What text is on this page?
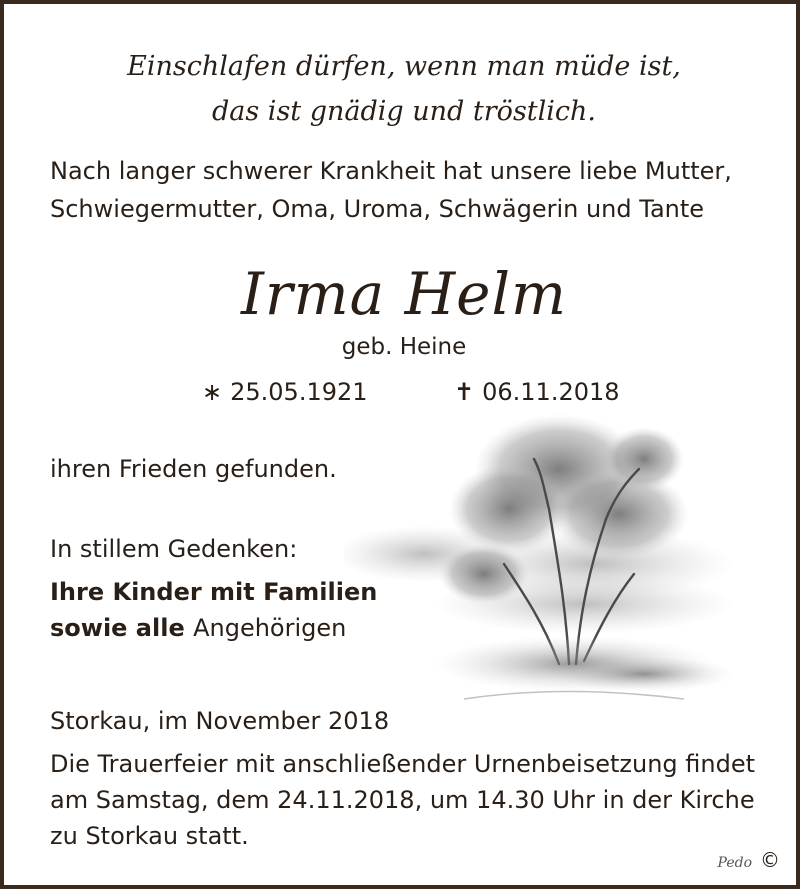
Einschlafen dürfen, wenn man müde ist,
das ist gnädig und tröstlich.
Nach langer schwerer Krankheit hat unsere liebe Mutter,
Schwiegermutter, Oma, Uroma, Schwägerin und Tante
Irma Helm
geb. Heine
∗ 25.05.1921	✝ 06.11.2018
ihren Frieden gefunden.
In stillem Gedenken:
Ihre Kinder mit Familien
sowie alle Angehörigen
Storkau, im November 2018
Die Trauerfeier mit anschließender Urnenbeisetzung findet
am Samstag, dem 24.11.2018, um 14.30 Uhr in der Kirche
zu Storkau statt.
Pedo ©
